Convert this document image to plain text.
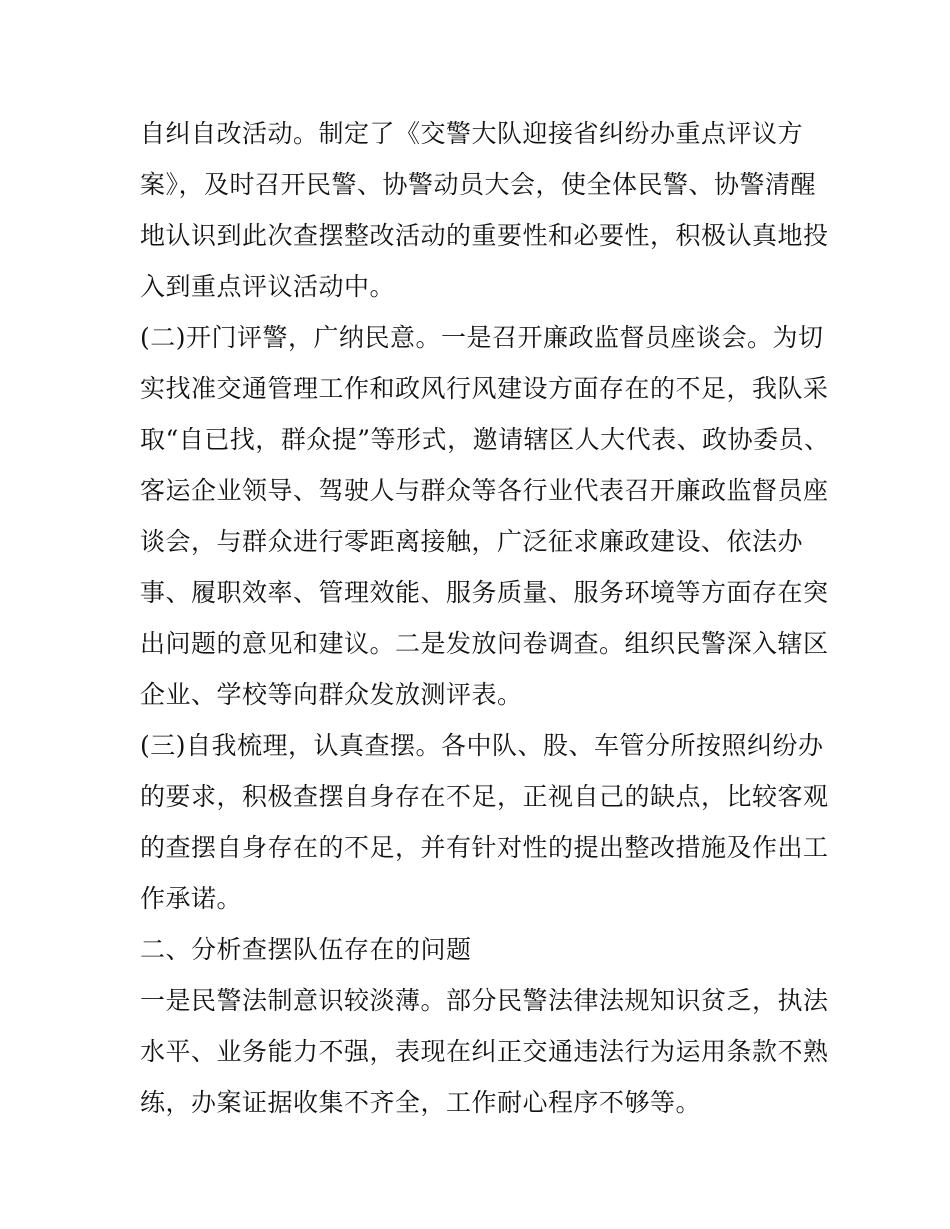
自纠自改活动。制定了《交警大队迎接省纠纷办重点评议方
案》，及时召开民警、协警动员大会，使全体民警、协警清醒
地认识到此次查摆整改活动的重要性和必要性，积极认真地投
入到重点评议活动中。
(二)开门评警，广纳民意。一是召开廉政监督员座谈会。为切
实找准交通管理工作和政风行风建设方面存在的不足，我队采
取“自已找，群众提”等形式，邀请辖区人大代表、政协委员、
客运企业领导、驾驶人与群众等各行业代表召开廉政监督员座
谈会，与群众进行零距离接触，广泛征求廉政建设、依法办
事、履职效率、管理效能、服务质量、服务环境等方面存在突
出问题的意见和建议。二是发放问卷调查。组织民警深入辖区
企业、学校等向群众发放测评表。
(三)自我梳理，认真查摆。各中队、股、车管分所按照纠纷办
的要求，积极查摆自身存在不足，正视自己的缺点，比较客观
的查摆自身存在的不足，并有针对性的提出整改措施及作出工
作承诺。
二、分析查摆队伍存在的问题
一是民警法制意识较淡薄。部分民警法律法规知识贫乏，执法
水平、业务能力不强，表现在纠正交通违法行为运用条款不熟
练，办案证据收集不齐全，工作耐心程序不够等。
